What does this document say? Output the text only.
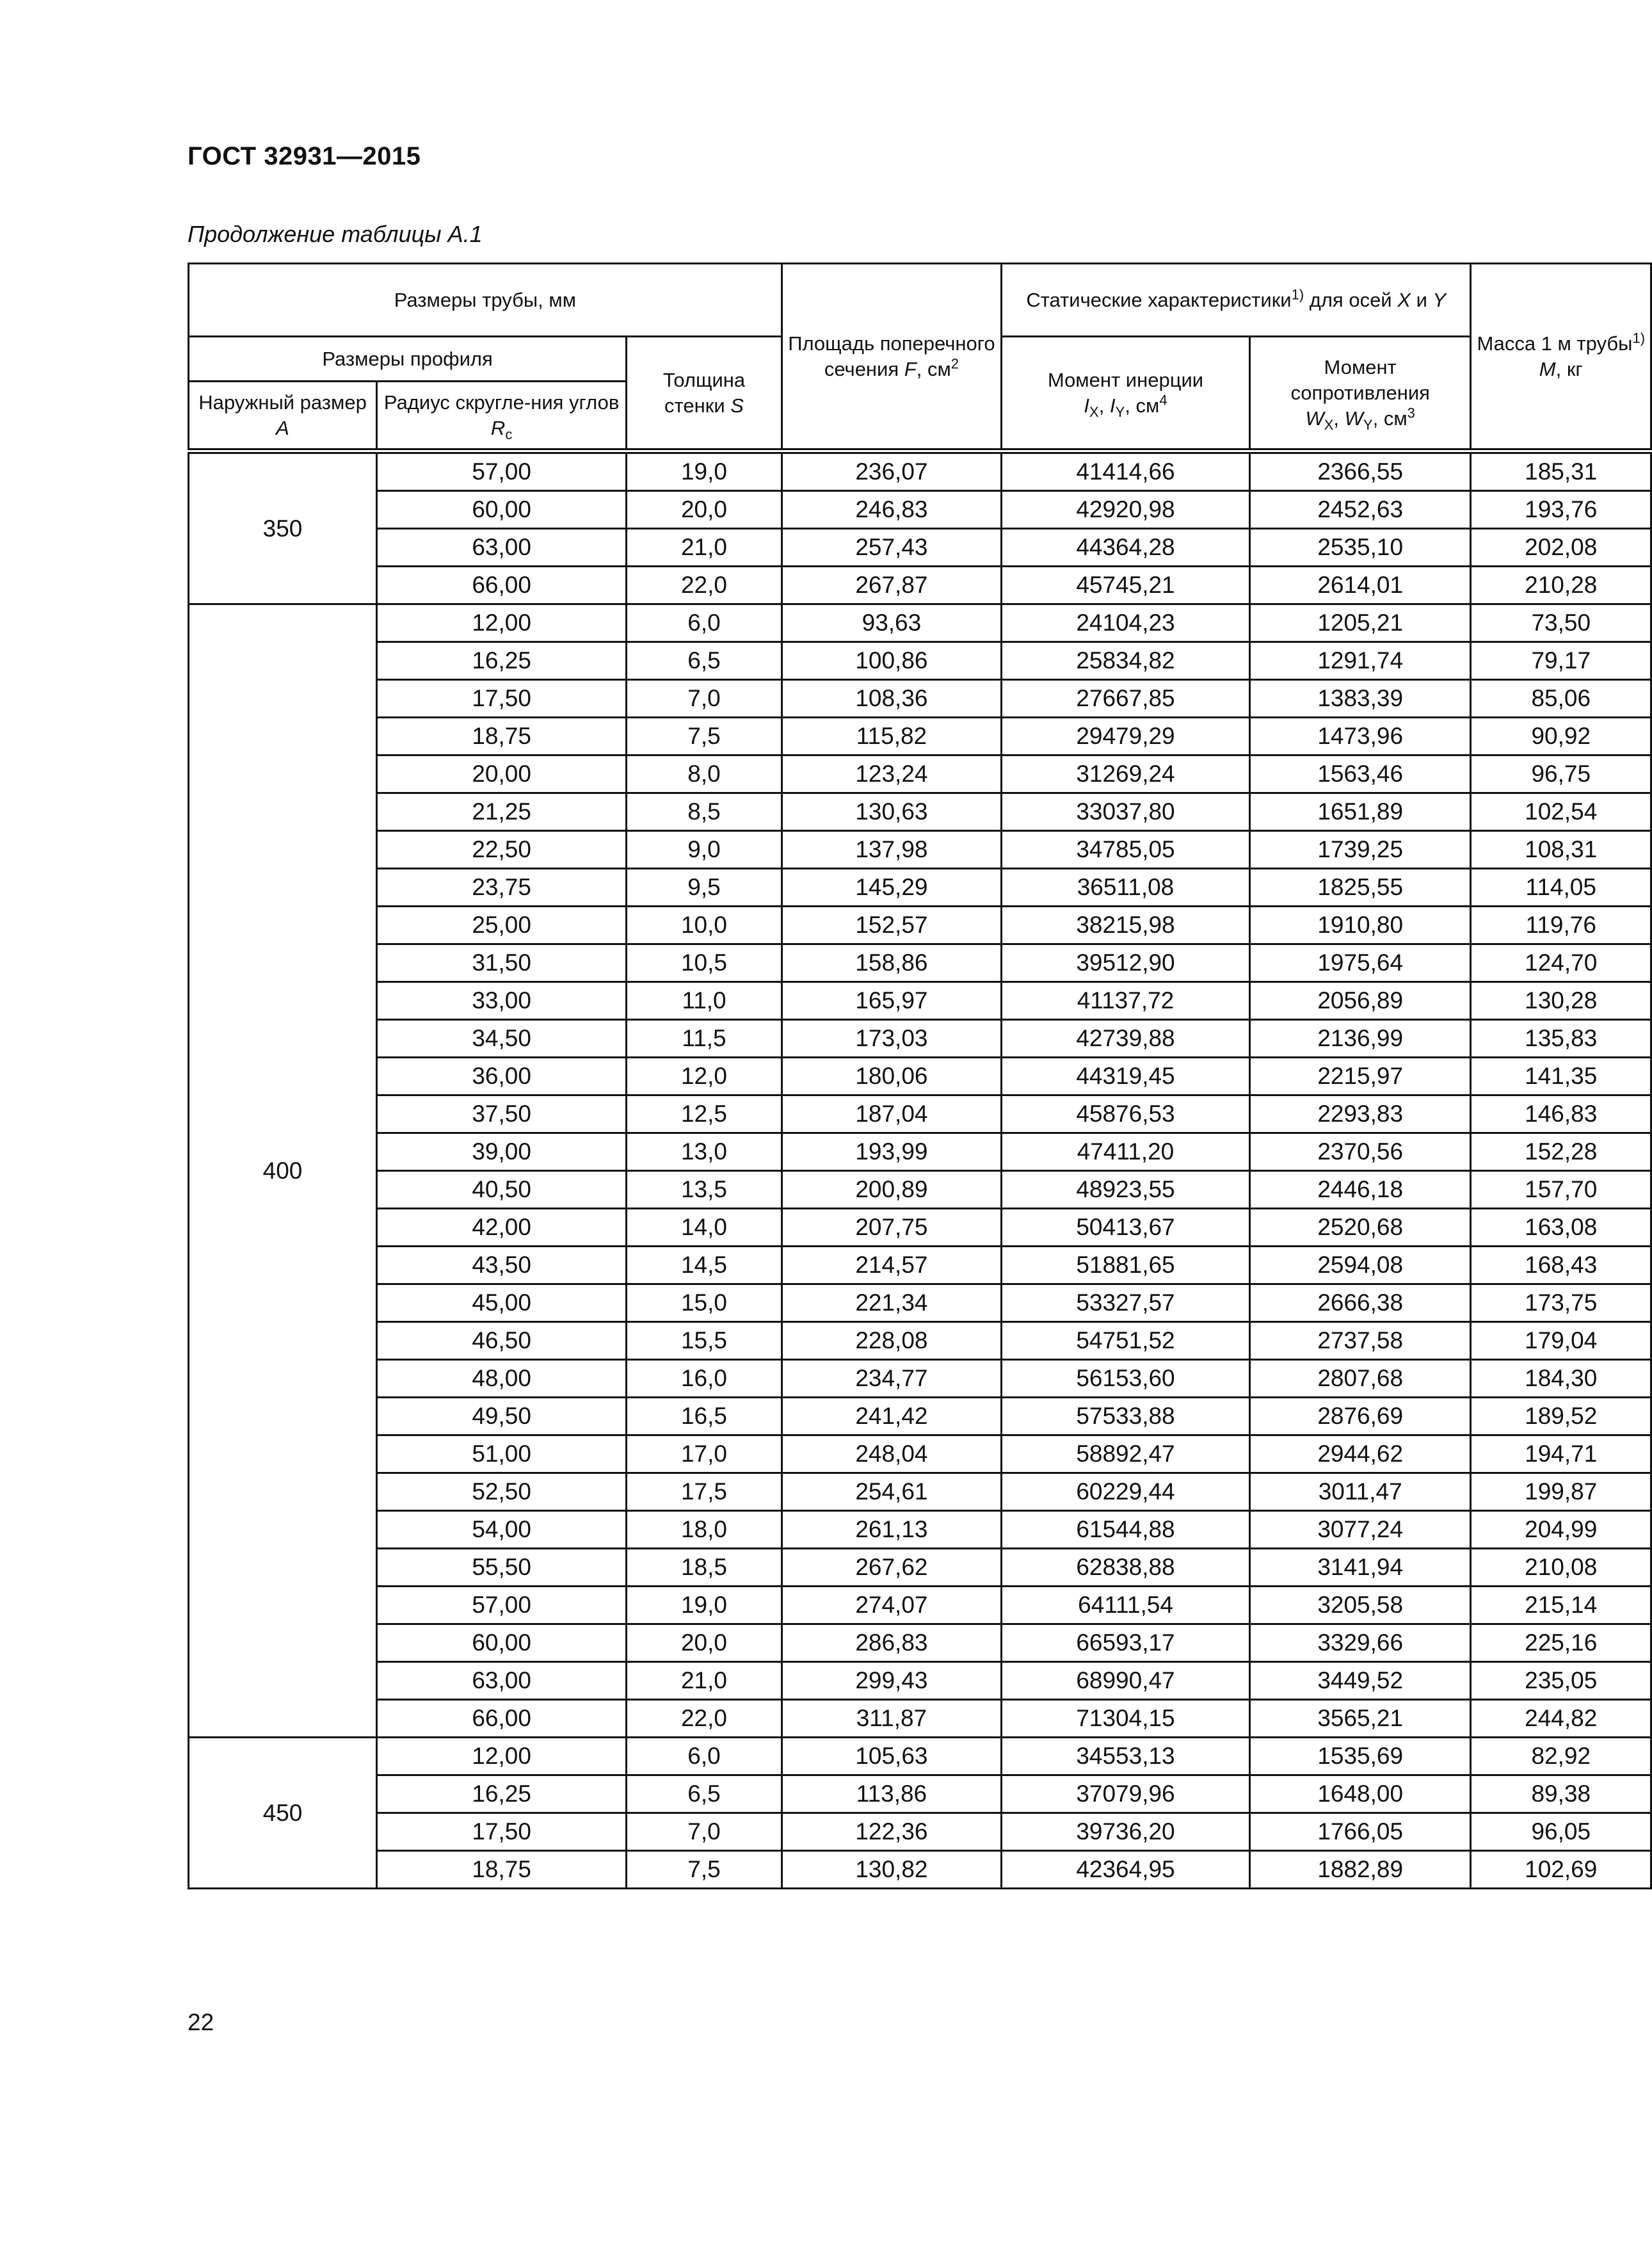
ГОСТ 32931—2015
Продолжение таблицы А.1
Размеры трубы, мм			Площадь поперечного сечения F, $см^2$	Статические характеристики$^{1)}$ для осей X и Y		Масса 1 м трубы$^{1)}$
M, кг
Размеры профиля		Толщина стенки S		Момент инерции
$I_X$, $I_Y$, $см^4$	Момент сопротивления
$W_X$, $W_Y$, $см^3$
Наружный размер A	Радиус скругле-ния углов $R_c$
350	57,00	19,0	236,07	41414,66	2366,55	185,31
	60,00	20,0	246,83	42920,98	2452,63	193,76
	63,00	21,0	257,43	44364,28	2535,10	202,08
	66,00	22,0	267,87	45745,21	2614,01	210,28
400	12,00	6,0	93,63	24104,23	1205,21	73,50
	16,25	6,5	100,86	25834,82	1291,74	79,17
	17,50	7,0	108,36	27667,85	1383,39	85,06
	18,75	7,5	115,82	29479,29	1473,96	90,92
	20,00	8,0	123,24	31269,24	1563,46	96,75
	21,25	8,5	130,63	33037,80	1651,89	102,54
	22,50	9,0	137,98	34785,05	1739,25	108,31
	23,75	9,5	145,29	36511,08	1825,55	114,05
	25,00	10,0	152,57	38215,98	1910,80	119,76
	31,50	10,5	158,86	39512,90	1975,64	124,70
	33,00	11,0	165,97	41137,72	2056,89	130,28
	34,50	11,5	173,03	42739,88	2136,99	135,83
	36,00	12,0	180,06	44319,45	2215,97	141,35
	37,50	12,5	187,04	45876,53	2293,83	146,83
	39,00	13,0	193,99	47411,20	2370,56	152,28
	40,50	13,5	200,89	48923,55	2446,18	157,70
	42,00	14,0	207,75	50413,67	2520,68	163,08
	43,50	14,5	214,57	51881,65	2594,08	168,43
	45,00	15,0	221,34	53327,57	2666,38	173,75
	46,50	15,5	228,08	54751,52	2737,58	179,04
	48,00	16,0	234,77	56153,60	2807,68	184,30
	49,50	16,5	241,42	57533,88	2876,69	189,52
	51,00	17,0	248,04	58892,47	2944,62	194,71
	52,50	17,5	254,61	60229,44	3011,47	199,87
	54,00	18,0	261,13	61544,88	3077,24	204,99
	55,50	18,5	267,62	62838,88	3141,94	210,08
	57,00	19,0	274,07	64111,54	3205,58	215,14
	60,00	20,0	286,83	66593,17	3329,66	225,16
	63,00	21,0	299,43	68990,47	3449,52	235,05
	66,00	22,0	311,87	71304,15	3565,21	244,82
450	12,00	6,0	105,63	34553,13	1535,69	82,92
	16,25	6,5	113,86	37079,96	1648,00	89,38
	17,50	7,0	122,36	39736,20	1766,05	96,05
	18,75	7,5	130,82	42364,95	1882,89	102,69
22
